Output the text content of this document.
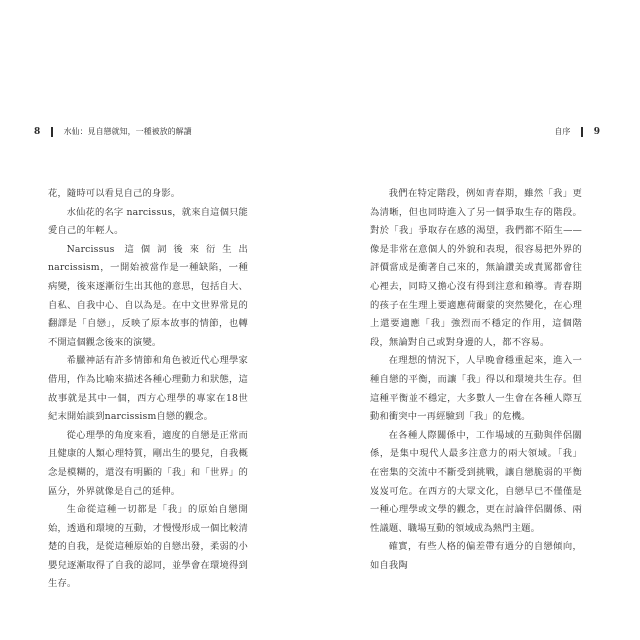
8	水仙：見自戀就知，一種被放的解讀	自序	9

花，隨時可以看見自己的身影。

水仙花的名字 narcissus，就來自這個只能愛自己的年輕人。

Narcissus 這個詞後來衍生出 narcissism，一開始被當作是一種缺陷，一種病變，後來逐漸衍生出其他的意思，包括自大、自私、自我中心、自以為是。在中文世界常見的翻譯是「自戀」，反映了原本故事的情節，也轉不開這個觀念後來的演變。

希臘神話有許多情節和角色被近代心理學家借用，作為比喻來描述各種心理動力和狀態，這故事就是其中一個，西方心理學的專家在18世紀末開始談到narcissism自戀的觀念。

從心理學的角度來看，適度的自戀是正常而且健康的人類心理特質，剛出生的嬰兒，自我概念是模糊的，還沒有明顯的「我」和「世界」的區分，外界就像是自己的延伸。

生命從這種一切都是「我」的原始自戀開始，透過和環境的互動，才慢慢形成一個比較清楚的自我，是從這種原始的自戀出發，柔弱的小嬰兒逐漸取得了自我的認同，並學會在環境得到生存。

我們在特定階段，例如青春期，雖然「我」更為清晰，但也同時進入了另一個爭取生存的階段。對於「我」爭取存在感的渴望，我們都不陌生——像是非常在意個人的外貌和表現，很容易把外界的評價當成是衝著自己來的，無論讚美或責罵都會往心裡去，同時又擔心沒有得到注意和賴導。青春期的孩子在生理上要適應荷爾蒙的突然變化，在心理上還要適應「我」強烈而不穩定的作用，這個階段，無論對自己或對身邊的人，都不容易。

在理想的情況下，人早晚會穩重起來，進入一種自戀的平衡，而讓「我」得以和環境共生存。但這種平衡並不穩定，大多數人一生會在各種人際互動和衝突中一再經驗到「我」的危機。

在各種人際關係中，工作場域的互動與伴侶關係，是集中現代人最多注意力的兩大領域。「我」在密集的交流中不斷受到挑戰，讓自戀脆弱的平衡岌岌可危。在西方的大眾文化，自戀早已不僅僅是一種心理學或文學的觀念，更在討論伴侶關係、兩性議題、職場互動的領域成為熱門主題。

確實，有些人格的偏差帶有過分的自戀傾向，如自我陶
